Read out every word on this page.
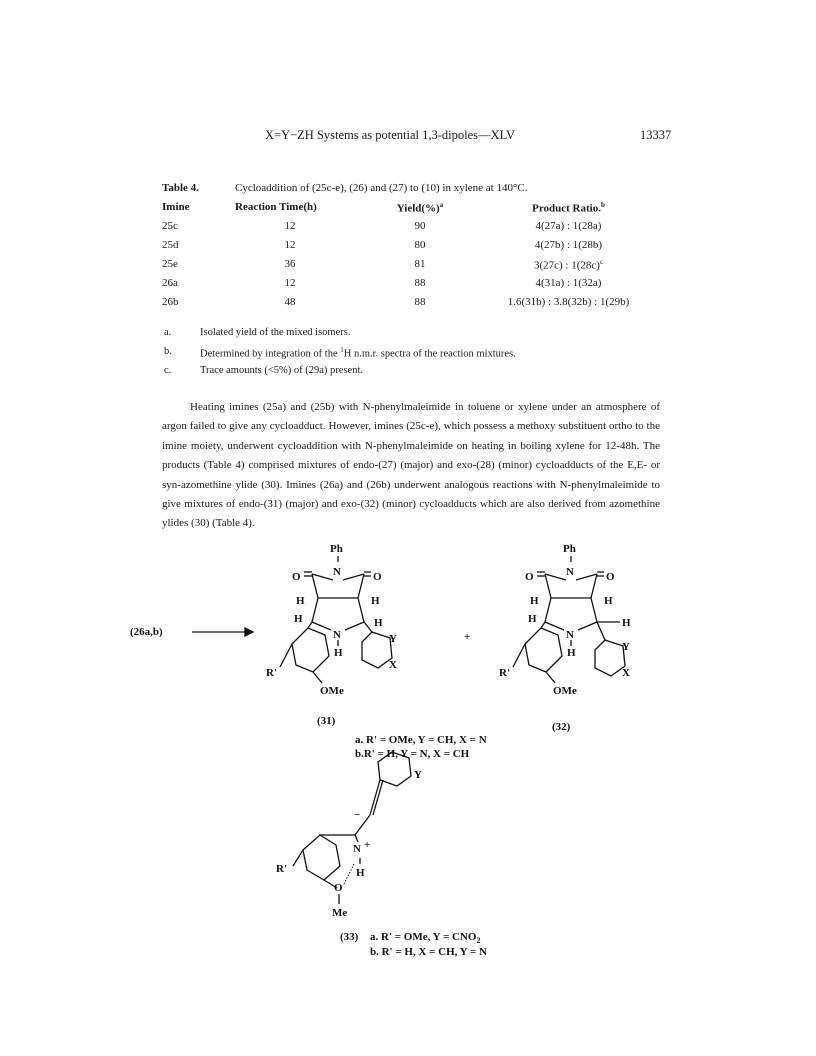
X=Y−ZH Systems as potential 1,3-dipoles—XLV	13337
Table 4.	Cycloaddition of (25c-e), (26) and (27) to (10) in xylene at 140°C.		
Imine	Reaction Time(h)	Yield(%)$^a$	Product Ratio.$^b$
25c	12	90	4(27a) : 1(28a)
25d	12	80	4(27b) : 1(28b)
25e	36	81	3(27c) : $1(28c)^c$
26a	12	88	4(31a) : 1(32a)
26b	48	88	1.6(31b) : 3.8(32b) : 1(29b)
a.	Isolated yield of the mixed isomers.
b.	Determined by integration of the $^1$H n.m.r. spectra of the reaction mixtures.
c.	Trace amounts (<5%) of (29a) present.

Heating imines (25a) and (25b) with N-phenylmaleimide in toluene or xylene under an atmosphere of argon failed to give any cycloadduct. However, imines (25c-e), which possess a methoxy substituent ortho to the imine moiety, underwent cycloaddition with N-phenylmaleimide on heating in boiling xylene for 12-48h. The products (Table 4) comprised mixtures of endo-(27) (major) and exo-(28) (minor) cycloadducts of the E,E- or syn-azomethine ylide (30). Imines (26a) and (26b) underwent analogous reactions with N-phenylmaleimide to give mixtures of endo-(31) (major) and exo-(32) (minor) cycloadducts which are also derived from azomethine ylides (30) (Table 4).

Ph
N
O	O
H	H
H	H
N
H
Y
X
R'
OMe
Ph
N
O	O
H	H
H	H
N
H	Y
X
R'
OMe
(26a,b)	+
(31)	(32)
a. R' = OMe, Y = CH, X = N
b.R' = H, Y = N, X = CH
Y
−
N +
H
O
R'
Me
(33) a. R' = OMe, $Y = CNO_2$
b. R' = H, X = CH, Y = N
